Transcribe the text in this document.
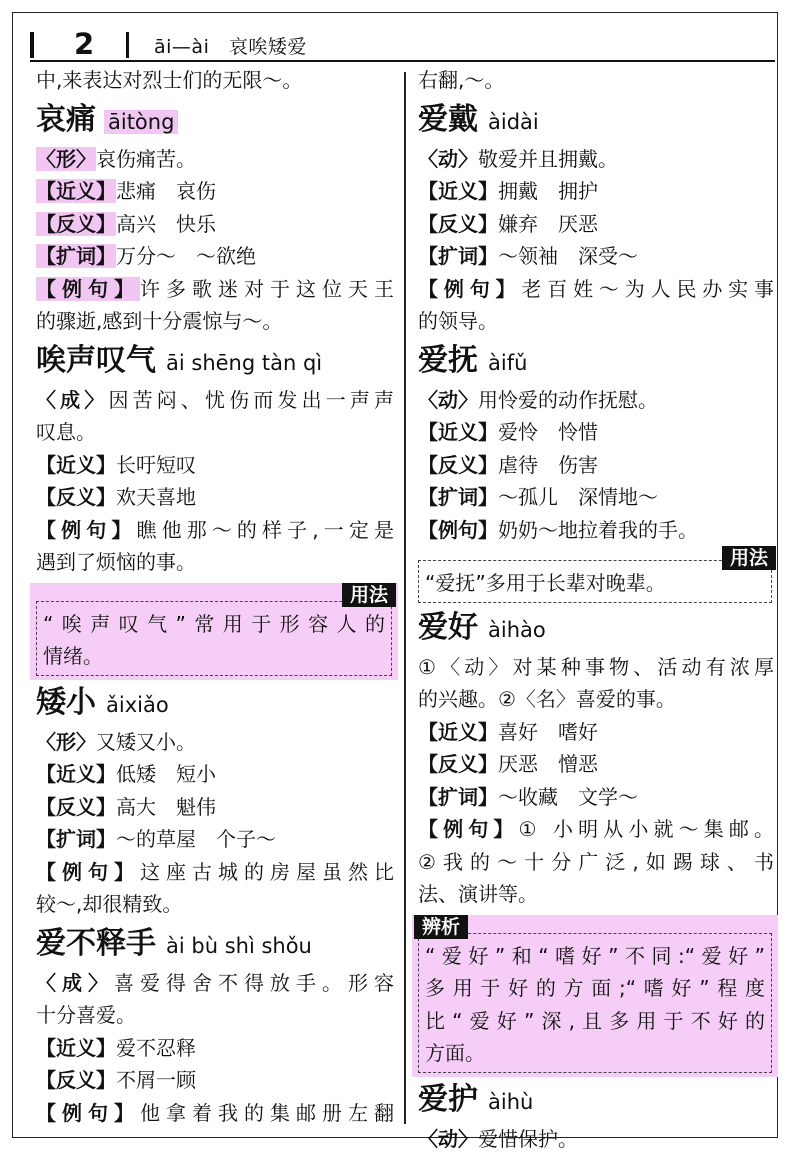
2	āi—ài　 哀唉矮爱
中,来表达对烈士们的无限～。
哀痛 āitòng
〈形〉哀伤痛苦。
【近义】悲痛　哀伤
【反义】高兴　快乐
【扩词】万分～　～欲绝
【例句】许多歌迷对于这位天王
的骤逝,感到十分震惊与～。
唉声叹气 āi shēng tàn qì
〈成〉因苦闷、忧伤而发出一声声
叹息。
【近义】长吁短叹
【反义】欢天喜地
【例句】瞧他那～的样子,一定是
遇到了烦恼的事。
用法
“唉声叹气”常用于形容人的
情绪。
矮小 ǎixiǎo
〈形〉又矮又小。
【近义】低矮　短小
【反义】高大　魁伟
【扩词】～的草屋　个子～
【例句】这座古城的房屋虽然比
较～,却很精致。
爱不释手 ài bù shì shǒu
〈成〉喜爱得舍不得放手。形容
十分喜爱。
【近义】爱不忍释
【反义】不屑一顾
【例句】他拿着我的集邮册左翻
右翻,～。
爱戴 àidài
〈动〉敬爱并且拥戴。
【近义】拥戴　拥护
【反义】嫌弃　厌恶
【扩词】～领袖　深受～
【例句】老百姓～为人民办实事
的领导。
爱抚 àifǔ
〈动〉用怜爱的动作抚慰。
【近义】爱怜　怜惜
【反义】虐待　伤害
【扩词】～孤儿　深情地～
【例句】奶奶～地拉着我的手。
用法
“爱抚”多用于长辈对晚辈。
爱好 àihào
①〈动〉对某种事物、活动有浓厚
的兴趣。②〈名〉喜爱的事。
【近义】喜好　嗜好
【反义】厌恶　憎恶
【扩词】～收藏　文学～
【例句】① 小明从小就～集邮。
②我的～十分广泛,如踢球、书
法、演讲等。
辨析
“爱好”和“嗜好”不同:“爱好”
多用于好的方面;“嗜好”程度
比“爱好”深,且多用于不好的
方面。
爱护 àihù
〈动〉爱惜保护。
